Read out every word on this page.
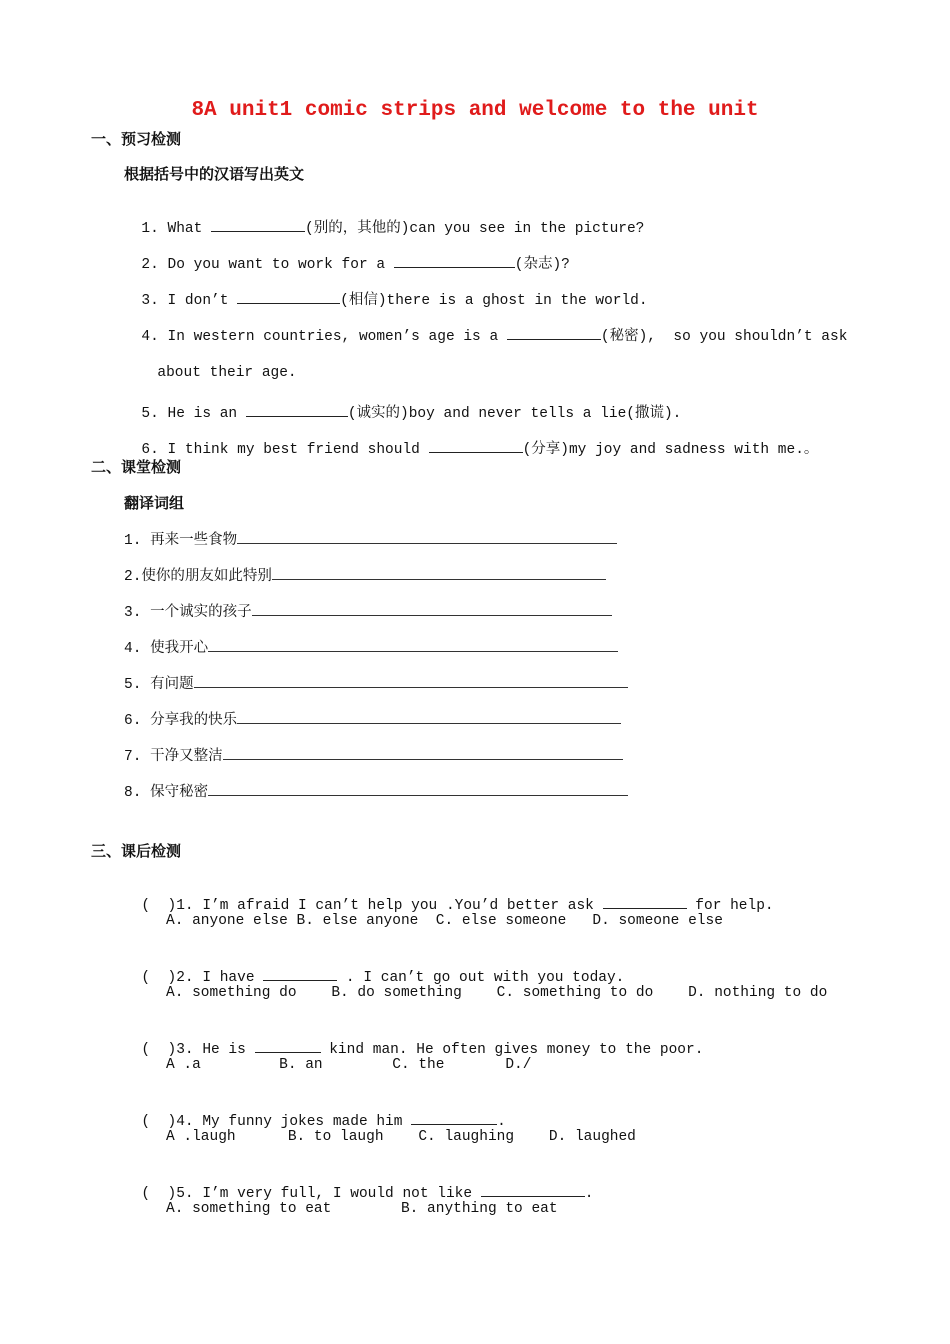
8A unit1 comic strips and welcome to the unit
一、预习检测
根据括号中的汉语写出英文

1. What	(别的，其他的)can you see in the picture?

2. Do you want to work for a	(杂志)?

3. I don’t	(相信)there is a ghost in the world.

4. In western countries, women’s age is a	(秘密),  so you shouldn’t ask

about their age.

5. He is an	(诚实的)boy and never tells a lie(撒谎).

6. I think my best friend should	(分享)my joy and sadness with me.。

二、课堂检测
翻译词组
1. 再来一些食物
2.使你的朋友如此特别
3. 一个诚实的孩子
4. 使我开心
5. 有问题
6. 分享我的快乐
7. 干净又整洁
8. 保守秘密
三、课后检测

(  )1. I’m afraid I can’t help you .You’d better ask	for help.

A. anyone else B. else anyone  C. else someone   D. someone else

(  )2. I have	. I can’t go out with you today.

A. something do    B. do something    C. something to do    D. nothing to do

(  )3. He is	kind man. He often gives money to the poor.

A .a         B. an        C. the       D./

(  )4. My funny jokes made him	.

A .laugh      B. to laugh    C. laughing    D. laughed

(  )5. I’m very full, I would not like	.

A. something to eat        B. anything to eat
